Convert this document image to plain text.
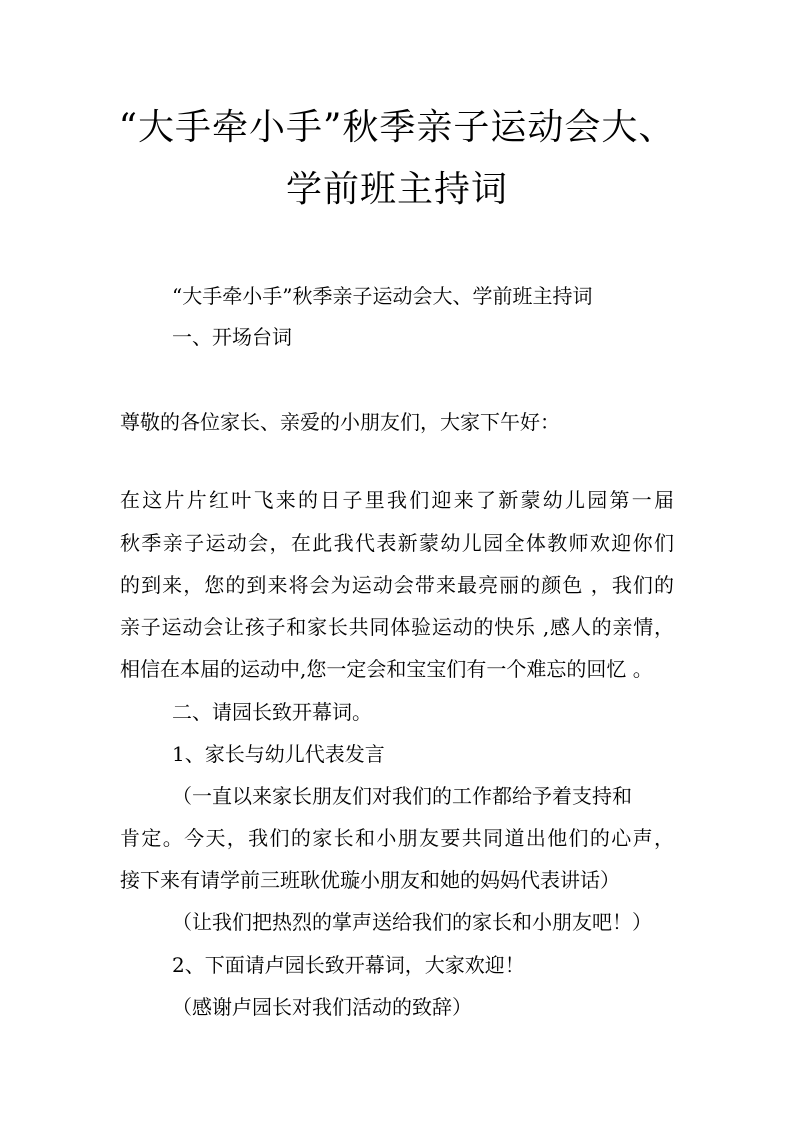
“大手牵小手”秋季亲子运动会大、
学前班主持词
“大手牵小手”秋季亲子运动会大、学前班主持词
一、开场台词
尊敬的各位家长、亲爱的小朋友们，大家下午好：
在这片片红叶飞来的日子里我们迎来了新蒙幼儿园第一届
秋季亲子运动会，在此我代表新蒙幼儿园全体教师欢迎你们
的到来，您的到来将会为运动会带来最亮丽的颜色 ，我们的
亲子运动会让孩子和家长共同体验运动的快乐 ,感人的亲情，
相信在本届的运动中,您一定会和宝宝们有一个难忘的回忆 。
二、请园长致开幕词。
1、家长与幼儿代表发言
（一直以来家长朋友们对我们的工作都给予着支持和
肯定。今天，我们的家长和小朋友要共同道出他们的心声，
接下来有请学前三班耿优璇小朋友和她的妈妈代表讲话）
（让我们把热烈的掌声送给我们的家长和小朋友吧！）
2、下面请卢园长致开幕词，大家欢迎！
（感谢卢园长对我们活动的致辞）
